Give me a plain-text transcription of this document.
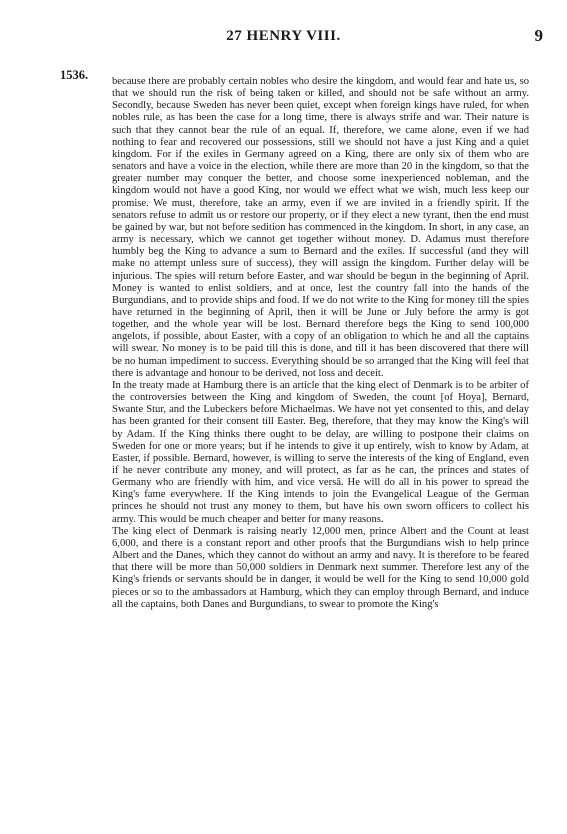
27 HENRY VIII.	9
1536. because there are probably certain nobles who desire the kingdom, and would fear and hate us, so that we should run the risk of being taken or killed, and should not be safe without an army. Secondly, because Sweden has never been quiet, except when foreign kings have ruled, for when nobles rule, as has been the case for a long time, there is always strife and war. Their nature is such that they cannot bear the rule of an equal. If, therefore, we came alone, even if we had nothing to fear and recovered our possessions, still we should not have a just King and a quiet kingdom. For if the exiles in Germany agreed on a King, there are only six of them who are senators and have a voice in the election, while there are more than 20 in the kingdom, so that the greater number may conquer the better, and choose some inexperienced nobleman, and the kingdom would not have a good King, nor would we effect what we wish, much less keep our promise. We must, therefore, take an army, even if we are invited in a friendly spirit. If the senators refuse to admit us or restore our property, or if they elect a new tyrant, then the end must be gained by war, but not before sedition has commenced in the kingdom. In short, in any case, an army is necessary, which we cannot get together without money. D. Adamus must therefore humbly beg the King to advance a sum to Bernard and the exiles. If successful (and they will make no attempt unless sure of success), they will assign the kingdom. Further delay will be injurious. The spies will return before Easter, and war should be begun in the beginning of April. Money is wanted to enlist soldiers, and at once, lest the country fall into the hands of the Burgundians, and to provide ships and food. If we do not write to the King for money till the spies have returned in the beginning of April, then it will be June or July before the army is got together, and the whole year will be lost. Bernard therefore begs the King to send 100,000 angelots, if possible, about Easter, with a copy of an obligation to which he and all the captains will swear. No money is to be paid till this is done, and till it has been discovered that there will be no human impediment to success. Everything should be so arranged that the King will feel that there is advantage and honour to be derived, not loss and deceit.

In the treaty made at Hamburg there is an article that the king elect of Denmark is to be arbiter of the controversies between the King and kingdom of Sweden, the count [of Hoya], Bernard, Swante Stur, and the Lubeckers before Michaelmas. We have not yet consented to this, and delay has been granted for their consent till Easter. Beg, therefore, that they may know the King's will by Adam. If the King thinks there ought to be delay, are willing to postpone their claims on Sweden for one or more years; but if he intends to give it up entirely, wish to know by Adam, at Easter, if possible. Bernard, however, is willing to serve the interests of the king of England, even if he never contribute any money, and will protect, as far as he can, the princes and states of Germany who are friendly with him, and vice versâ. He will do all in his power to spread the King's fame everywhere. If the King intends to join the Evangelical League of the German princes he should not trust any money to them, but have his own sworn officers to collect his army. This would be much cheaper and better for many reasons.

The king elect of Denmark is raising nearly 12,000 men, prince Albert and the Count at least 6,000, and there is a constant report and other proofs that the Burgundians wish to help prince Albert and the Danes, which they cannot do without an army and navy. It is therefore to be feared that there will be more than 50,000 soldiers in Denmark next summer. Therefore lest any of the King's friends or servants should be in danger, it would be well for the King to send 10,000 gold pieces or so to the ambassadors at Hamburg, which they can employ through Bernard, and induce all the captains, both Danes and Burgundians, to swear to promote the King's
